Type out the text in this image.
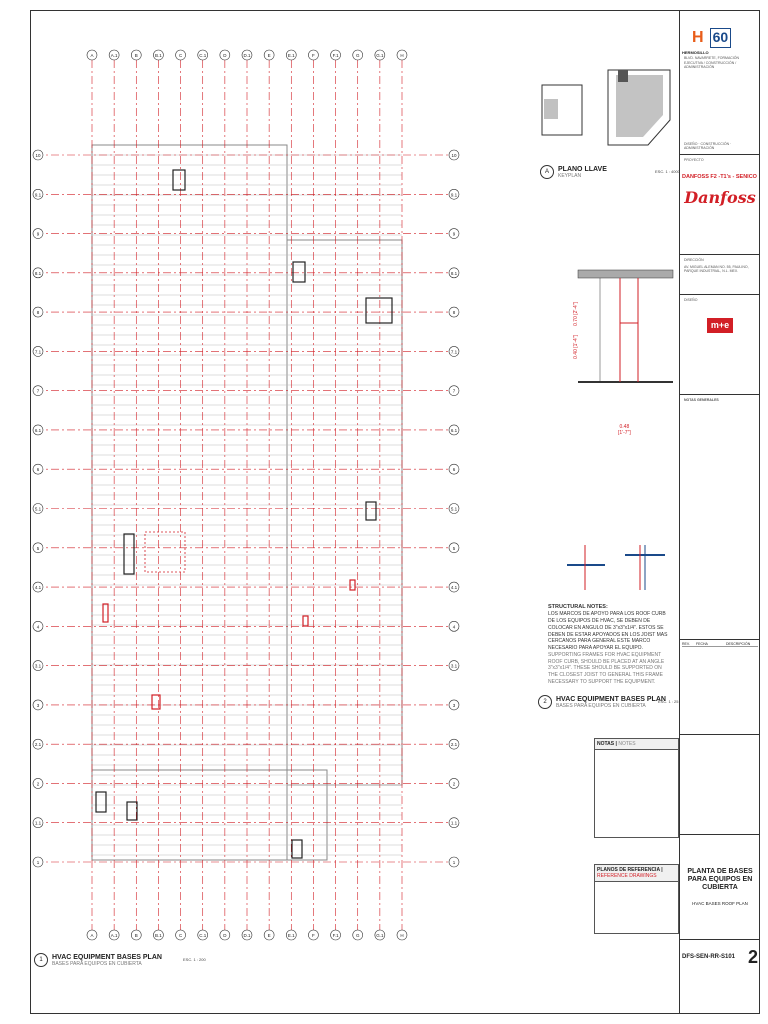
A
A
A.1
A.1
B
B
B.1
B.1
C
C
C.1
C.1
D
D
D.1
D.1
E
E
E.1
E.1
F
F
F.1
F.1
G
G
G.1
G.1
H
H
10	10
9.1	9.1
9	9
8.1	8.1
8	8
7.1	7.1
7	7
6.1	6.1
6	6
5.1	5.1
5	5
4.1	4.1
4	4
3.1	3.1
3	3
2.1	2.1
2	2
1.1	1.1
1	1
A	PLANO LLAVE
KEYPLAN
ESC. 1 : 4000
0.70 [2'-4"]
0.40 [1'-4"]
0.48
[1'-7"]
STRUCTURAL NOTES:
LOS MARCOS DE APOYO PARA LOS ROOF CURB DE LOS EQUIPOS DE HVAC, SE DEBEN DE COLOCAR EN ANGULO DE 3"x3"x1/4". ESTOS SE DEBEN DE ESTAR APOYADOS EN LOS JOIST MAS CERCANOS PARA GENERAL ESTE MARCO NECESARIO PARA APOYAR EL EQUIPO.
SUPPORTING FRAMES FOR HVAC EQUIPMENT ROOF CURB, SHOULD BE PLACED AT AN ANGLE 3"x3"x1/4". THESE SHOULD BE SUPPORTED ON THE CLOSEST JOIST TO GENERAL THIS FRAME NECESSARY TO SUPPORT THE EQUIPMENT.
2	HVAC EQUIPMENT BASES PLAN
BASES PARA EQUIPOS EN CUBIERTA
ESC. 1 : 25
NOTAS | NOTES
PLANOS DE REFERENCIA | REFERENCE DRAWINGS
1	HVAC EQUIPMENT BASES PLAN
BASES PARA EQUIPOS EN CUBIERTA
ESC. 1 : 200
H 60
HERMOSILLO
BLVD. NAVARRETE, FORMACIÓN EJECUTIVA / CONSTRUCCIÓN / ADMINISTRACIÓN
DISEÑO · CONSTRUCCIÓN · ADMINISTRACIÓN
PROYECTO
DANFOSS F2 -T1's - SENICO
Danfoss
DIRECCIÓN
AV. MIGUEL ALEMAN NO. 55, PAULINO, PARQUE INDUSTRIAL, N.L. MEX.
DISEÑO
m+e
NOTAS GENERALES
REV.	FECHA	DESCRIPCIÓN
PLANTA DE BASES PARA EQUIPOS EN CUBIERTA
HVAC BASES ROOF PLAN
DFS-SEN-RR-S101 2
